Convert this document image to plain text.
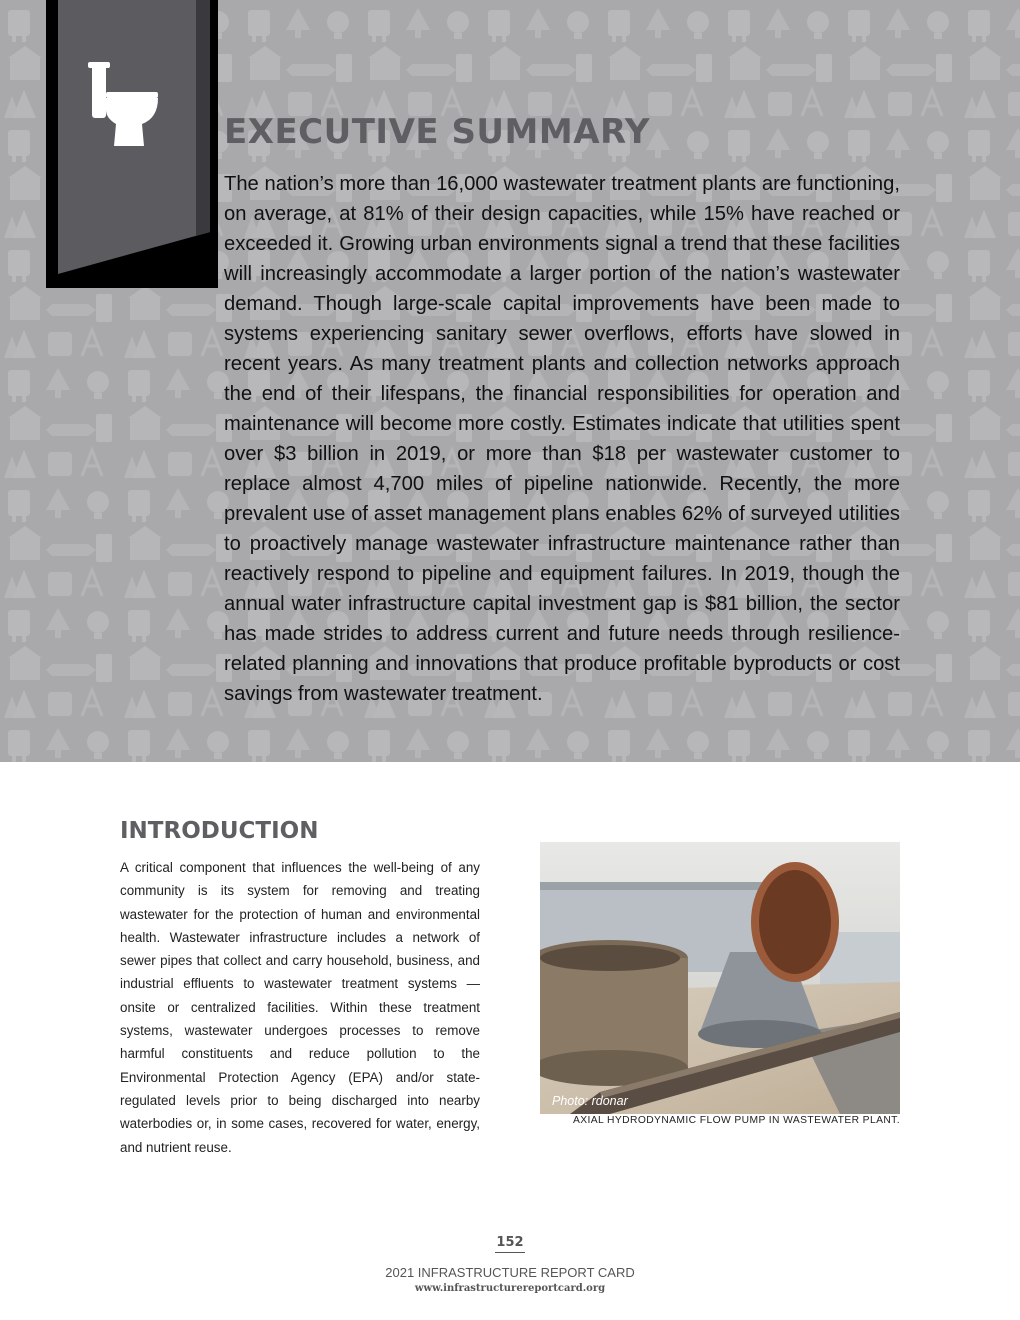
EXECUTIVE SUMMARY

The nation’s more than 16,000 wastewater treatment plants are functioning, on average, at 81% of their design capacities, while 15% have reached or exceeded it. Growing urban environments signal a trend that these facilities will increasingly accommodate a larger portion of the nation’s wastewater demand. Though large-scale capital improvements have been made to systems experiencing sanitary sewer overflows, efforts have slowed in recent years. As many treatment plants and collection networks approach the end of their lifespans, the financial responsibilities for operation and maintenance will become more costly. Estimates indicate that utilities spent over $3 billion in 2019, or more than $18 per wastewater customer to replace almost 4,700 miles of pipeline nationwide. Recently, the more prevalent use of asset management plans enables 62% of surveyed utilities to proactively manage wastewater infrastructure maintenance rather than reactively respond to pipeline and equipment failures. In 2019, though the annual water infrastructure capital investment gap is $81 billion, the sector has made strides to address current and future needs through resilience-related planning and innovations that produce profitable byproducts or cost savings from wastewater treatment.

INTRODUCTION

A critical component that influences the well-being of any community is its system for removing and treating wastewater for the protection of human and environmental health. Wastewater infrastructure includes a network of sewer pipes that collect and carry household, business, and industrial effluents to wastewater treatment systems — onsite or centralized facilities. Within these treatment systems, wastewater undergoes processes to remove harmful constituents and reduce pollution to the Environmental Protection Agency (EPA) and/or state-regulated levels prior to being discharged into nearby waterbodies or, in some cases, recovered for water, energy, and nutrient reuse.

Photo: rdonar
AXIAL HYDRODYNAMIC FLOW PUMP IN WASTEWATER PLANT.
152
2021 INFRASTRUCTURE REPORT CARD
www.infrastructurereportcard.org
